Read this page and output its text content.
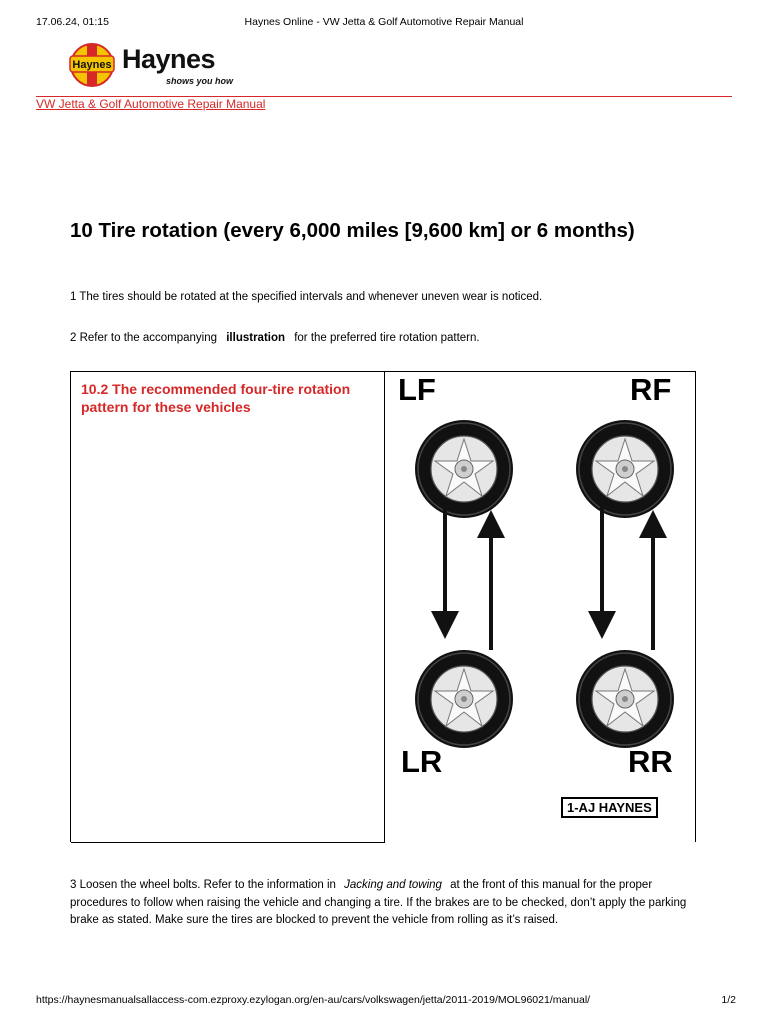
17.06.24, 01:15	Haynes Online - VW Jetta & Golf Automotive Repair Manual
Haynes Haynes
shows you how
VW Jetta & Golf Automotive Repair Manual
10 Tire rotation (every 6,000 miles [9,600 km] or 6 months)
1 The tires should be rotated at the specified intervals and whenever uneven wear is noticed.
2 Refer to the accompanying illustration for the preferred tire rotation pattern.
10.2 The recommended four-tire rotation pattern for these vehicles	LF	RF
LR	RR
1-AJ HAYNES
3 Loosen the wheel bolts. Refer to the information in Jacking and towing at the front of this manual for the proper procedures to follow when raising the vehicle and changing a tire. If the brakes are to be checked, don’t apply the parking brake as stated. Make sure the tires are blocked to prevent the vehicle from rolling as it’s raised.
https://haynesmanualsallaccess-com.ezproxy.ezylogan.org/en-au/cars/volkswagen/jetta/2011-2019/MOL96021/manual/	1/2
